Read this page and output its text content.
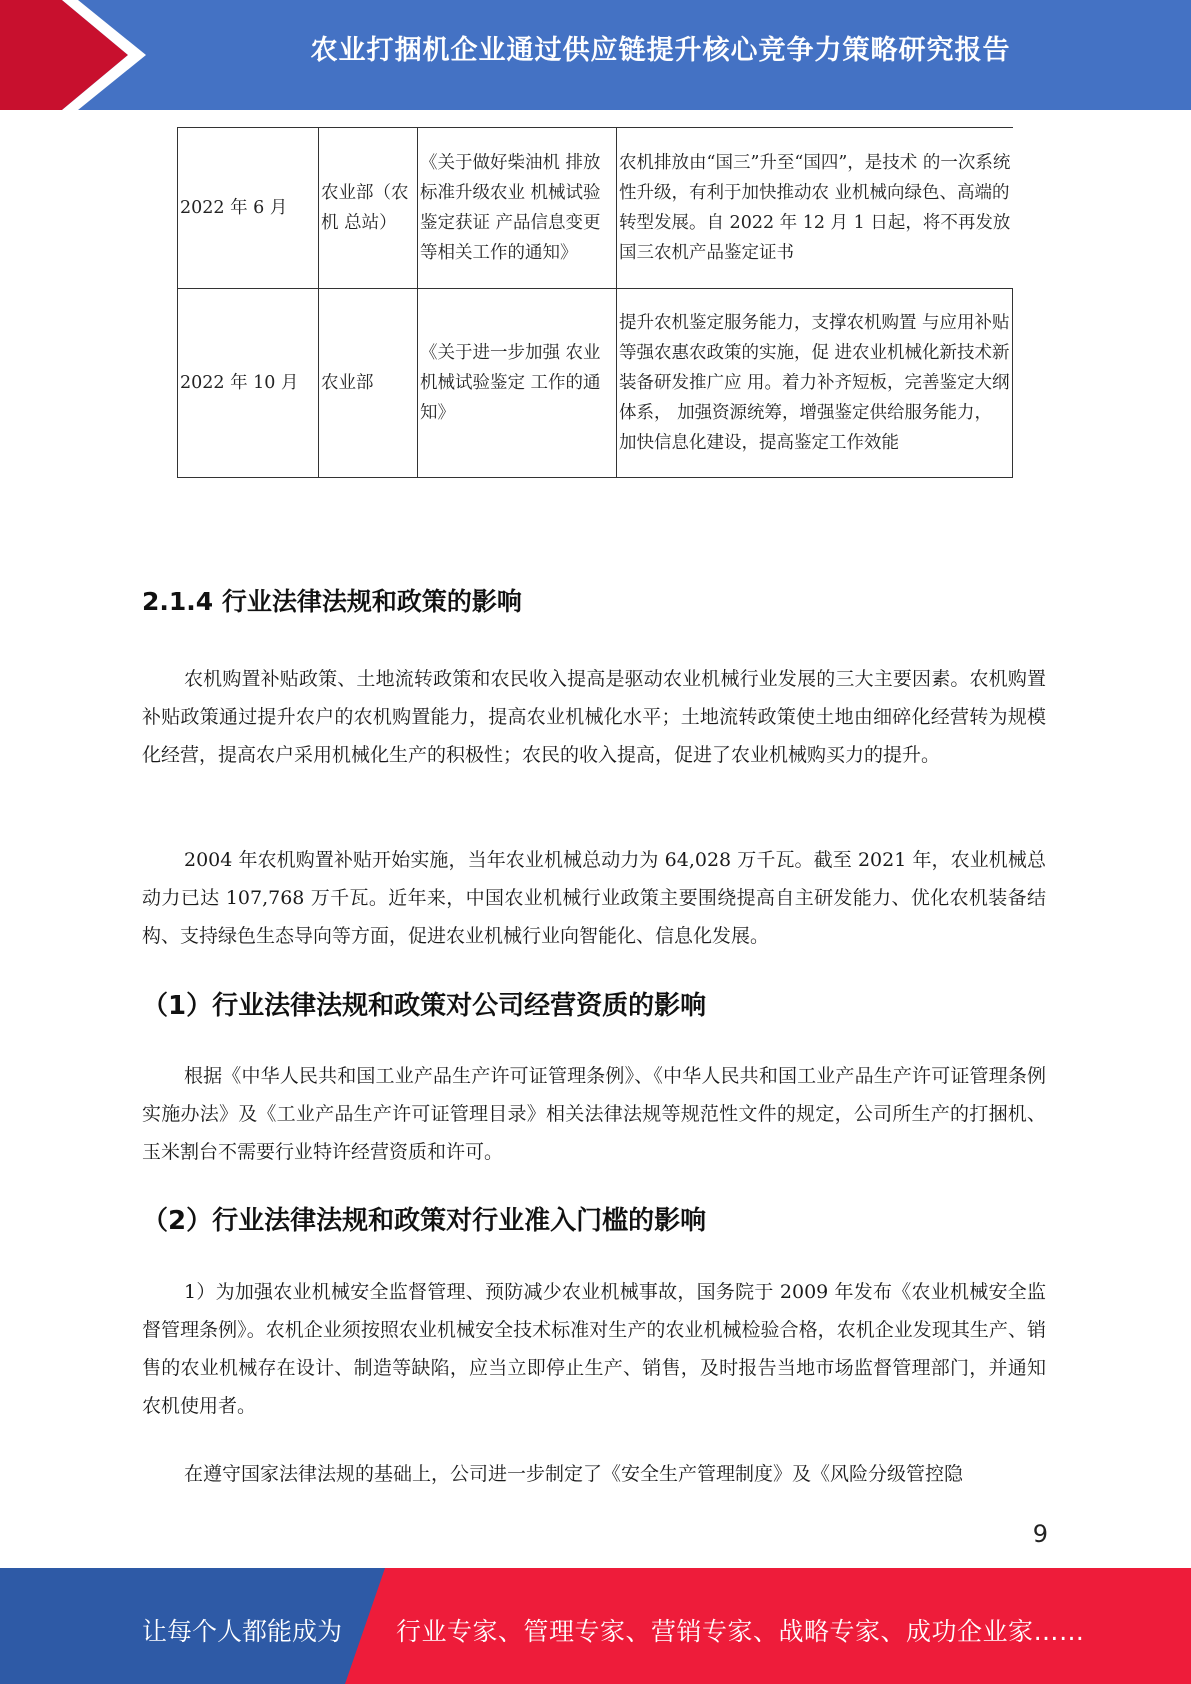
农业打捆机企业通过供应链提升核心竞争力策略研究报告
2022 年 6 月	农业部（农机 总站）	《关于做好柴油机 排放标准升级农业 机械试验鉴定获证 产品信息变更等相关工作的通知》	农机排放由“国三”升至“国四”，是技术 的一次系统性升级，有利于加快推动农 业机械向绿色、高端的转型发展。自 2022 年 12 月 1 日起，将不再发放国三农机产品鉴定证书
2022 年 10 月	农业部	《关于进一步加强 农业机械试验鉴定 工作的通知》	提升农机鉴定服务能力，支撑农机购置 与应用补贴等强农惠农政策的实施，促 进农业机械化新技术新装备研发推广应 用。着力补齐短板，完善鉴定大纲体系， 加强资源统筹，增强鉴定供给服务能力， 加快信息化建设，提高鉴定工作效能
2.1.4 行业法律法规和政策的影响

农机购置补贴政策、土地流转政策和农民收入提高是驱动农业机械行业发展的三大主要因素。农机购置补贴政策通过提升农户的农机购置能力，提高农业机械化水平；土地流转政策使土地由细碎化经营转为规模化经营，提高农户采用机械化生产的积极性；农民的收入提高，促进了农业机械购买力的提升。

2004 年农机购置补贴开始实施，当年农业机械总动力为 64,028 万千瓦。截至 2021 年，农业机械总动力已达 107,768 万千瓦。近年来，中国农业机械行业政策主要围绕提高自主研发能力、优化农机装备结构、支持绿色生态导向等方面，促进农业机械行业向智能化、信息化发展。

（1）行业法律法规和政策对公司经营资质的影响

根据《中华人民共和国工业产品生产许可证管理条例》、《中华人民共和国工业产品生产许可证管理条例实施办法》及《工业产品生产许可证管理目录》相关法律法规等规范性文件的规定，公司所生产的打捆机、玉米割台不需要行业特许经营资质和许可。

（2）行业法律法规和政策对行业准入门槛的影响

1）为加强农业机械安全监督管理、预防减少农业机械事故，国务院于 2009 年发布《农业机械安全监督管理条例》。农机企业须按照农业机械安全技术标准对生产的农业机械检验合格，农机企业发现其生产、销售的农业机械存在设计、制造等缺陷，应当立即停止生产、销售，及时报告当地市场监督管理部门，并通知农机使用者。

在遵守国家法律法规的基础上，公司进一步制定了《安全生产管理制度》及《风险分级管控隐

9
让每个人都能成为 行业专家、管理专家、营销专家、战略专家、成功企业家……
